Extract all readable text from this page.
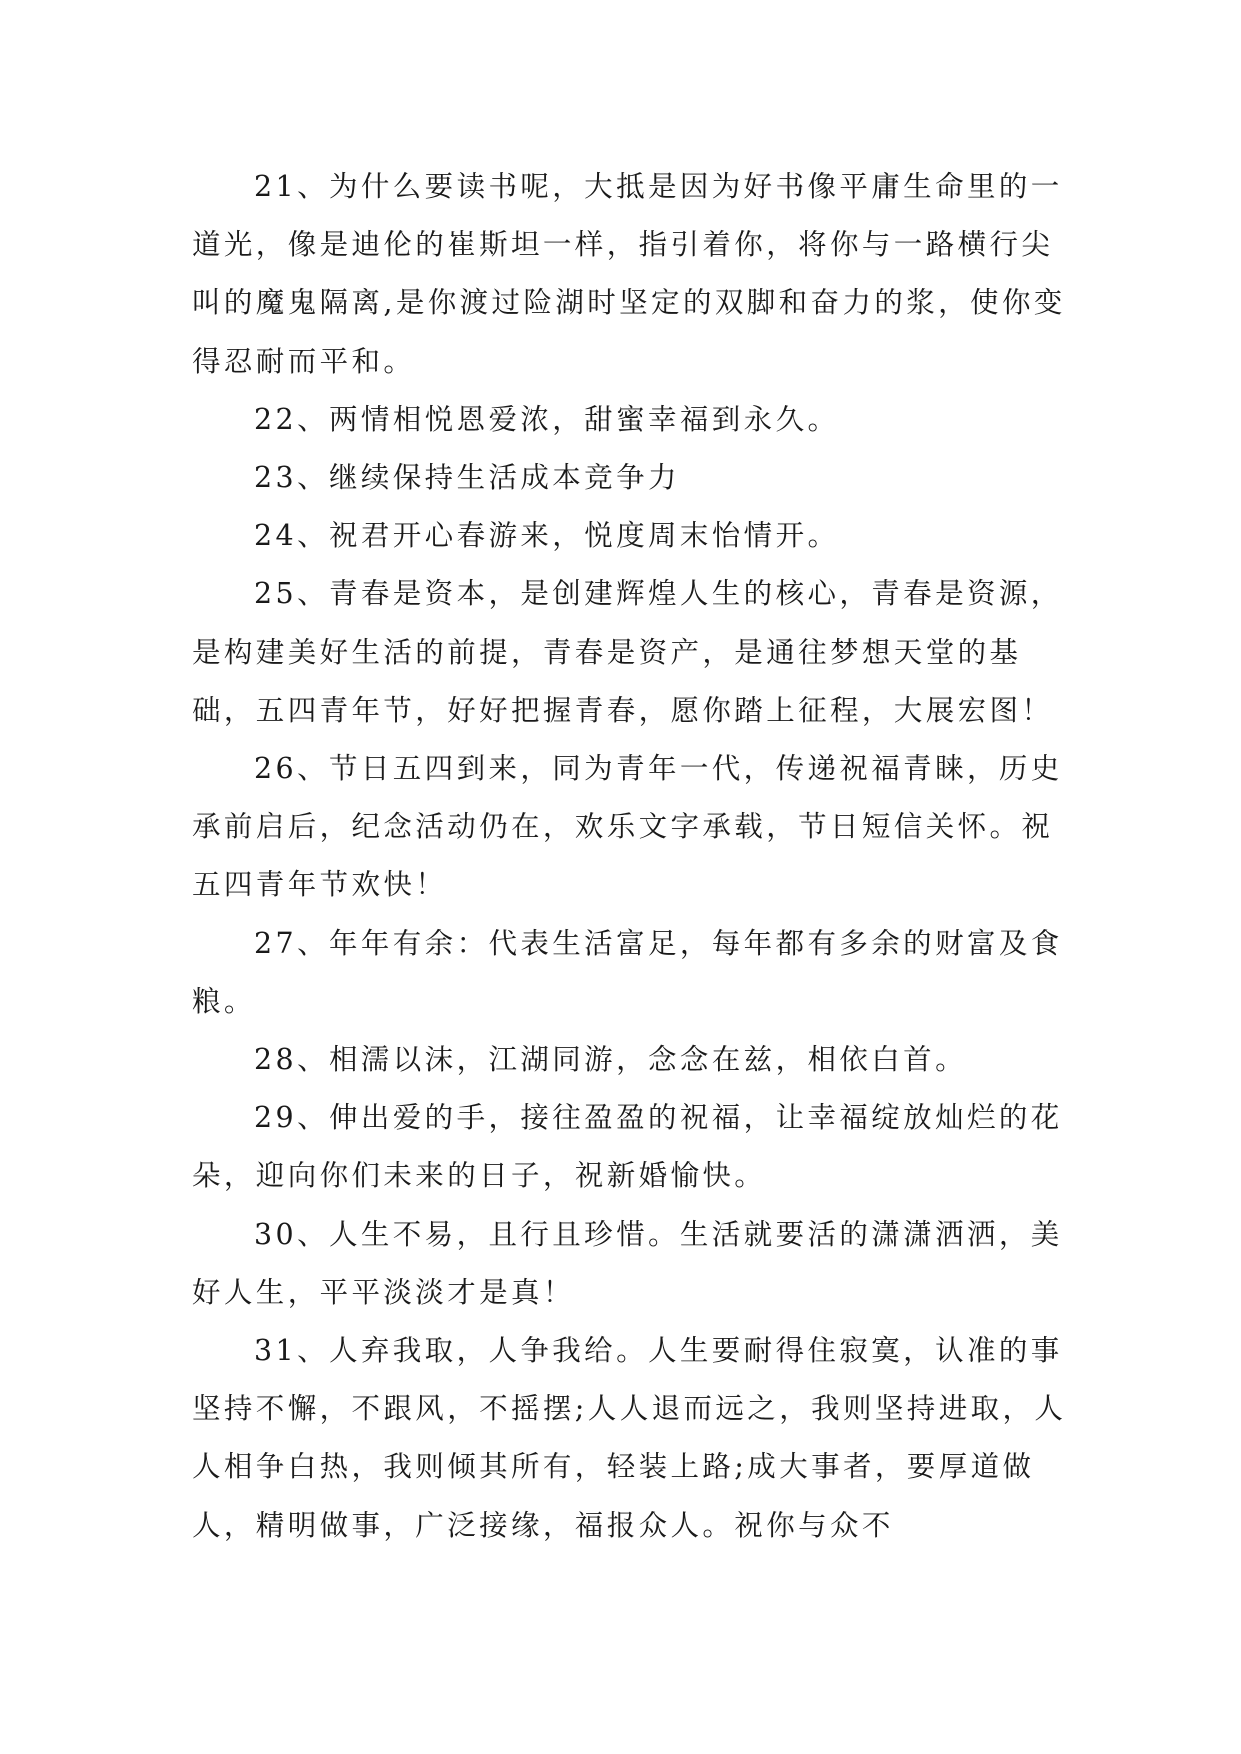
21、为什么要读书呢，大抵是因为好书像平庸生命里的一道光，像是迪伦的崔斯坦一样，指引着你，将你与一路横行尖叫的魔鬼隔离,是你渡过险湖时坚定的双脚和奋力的浆，使你变得忍耐而平和。

22、两情相悦恩爱浓，甜蜜幸福到永久。

23、继续保持生活成本竞争力

24、祝君开心春游来，悦度周末怡情开。

25、青春是资本，是创建辉煌人生的核心，青春是资源，是构建美好生活的前提，青春是资产，是通往梦想天堂的基础，五四青年节，好好把握青春，愿你踏上征程，大展宏图！

26、节日五四到来，同为青年一代，传递祝福青睐，历史承前启后，纪念活动仍在，欢乐文字承载，节日短信关怀。祝五四青年节欢快！

27、年年有余：代表生活富足，每年都有多余的财富及食粮。

28、相濡以沫，江湖同游，念念在兹，相依白首。

29、伸出爱的手，接往盈盈的祝福，让幸福绽放灿烂的花朵，迎向你们未来的日子，祝新婚愉快。

30、人生不易，且行且珍惜。生活就要活的潇潇洒洒，美好人生，平平淡淡才是真！

31、人弃我取，人争我给。人生要耐得住寂寞，认准的事坚持不懈，不跟风，不摇摆;人人退而远之，我则坚持进取，人人相争白热，我则倾其所有，轻装上路;成大事者，要厚道做人，精明做事，广泛接缘，福报众人。祝你与众不
